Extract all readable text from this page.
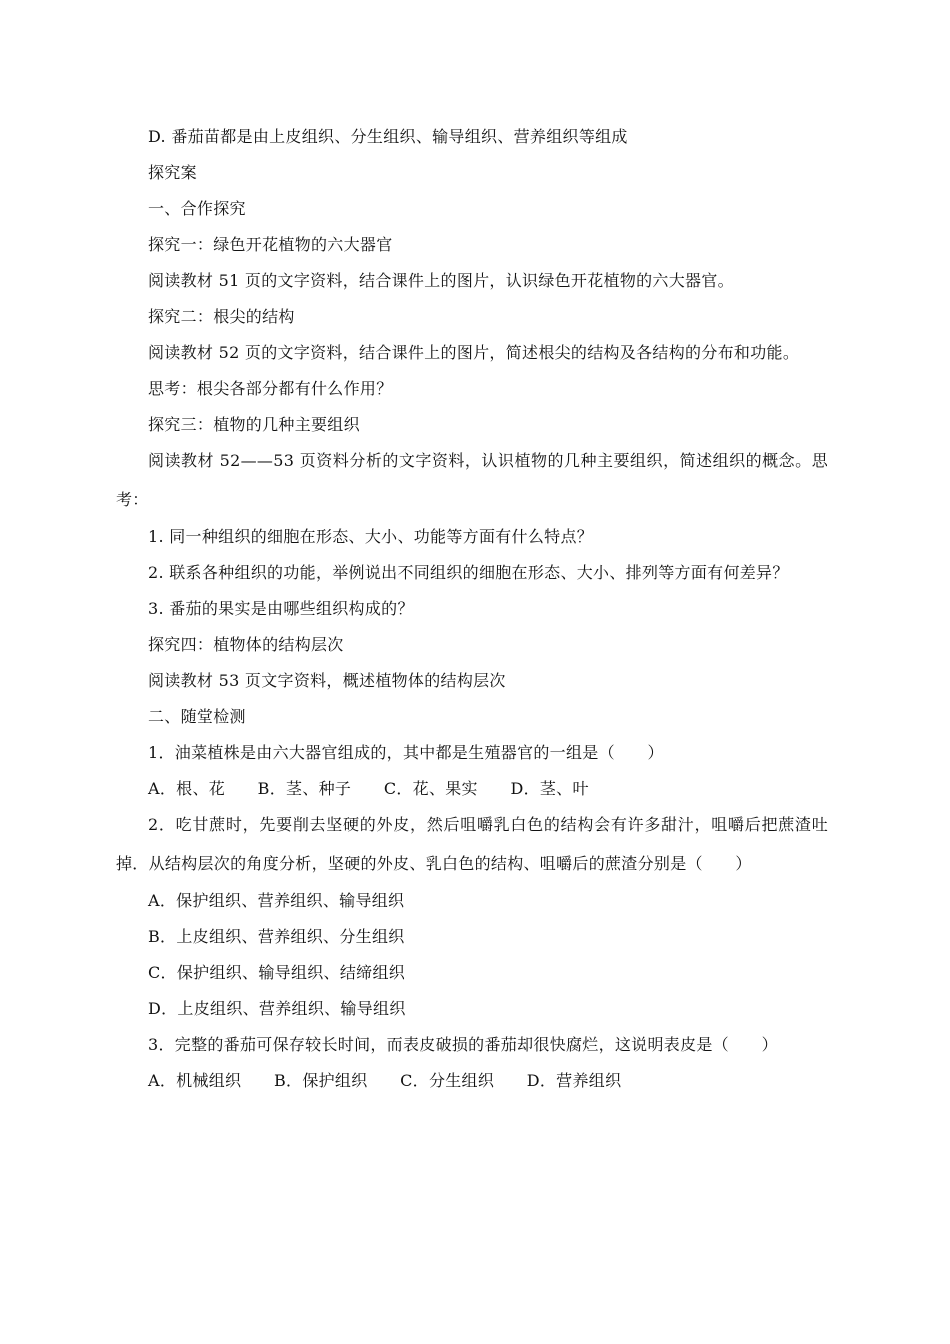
D. 番茄苗都是由上皮组织、分生组织、输导组织、营养组织等组成
探究案
一、合作探究
探究一：绿色开花植物的六大器官
阅读教材 51 页的文字资料，结合课件上的图片，认识绿色开花植物的六大器官。
探究二：根尖的结构
阅读教材 52 页的文字资料，结合课件上的图片，简述根尖的结构及各结构的分布和功能。
思考：根尖各部分都有什么作用？
探究三：植物的几种主要组织
阅读教材 52——53 页资料分析的文字资料，认识植物的几种主要组织，简述组织的概念。思
考：
1. 同一种组织的细胞在形态、大小、功能等方面有什么特点？
2. 联系各种组织的功能，举例说出不同组织的细胞在形态、大小、排列等方面有何差异？
3. 番茄的果实是由哪些组织构成的？
探究四：植物体的结构层次
阅读教材 53 页文字资料，概述植物体的结构层次
二、随堂检测
1．油菜植株是由六大器官组成的，其中都是生殖器官的一组是（　　）
A．根、花　　B．茎、种子　　C．花、果实　　D．茎、叶
2．吃甘蔗时，先要削去坚硬的外皮，然后咀嚼乳白色的结构会有许多甜汁，咀嚼后把蔗渣吐
掉．从结构层次的角度分析，坚硬的外皮、乳白色的结构、咀嚼后的蔗渣分别是（　　）
A．保护组织、营养组织、输导组织
B．上皮组织、营养组织、分生组织
C．保护组织、输导组织、结缔组织
D．上皮组织、营养组织、输导组织
3．完整的番茄可保存较长时间，而表皮破损的番茄却很快腐烂，这说明表皮是（　　）
A．机械组织　　B．保护组织　　C．分生组织　　D．营养组织
